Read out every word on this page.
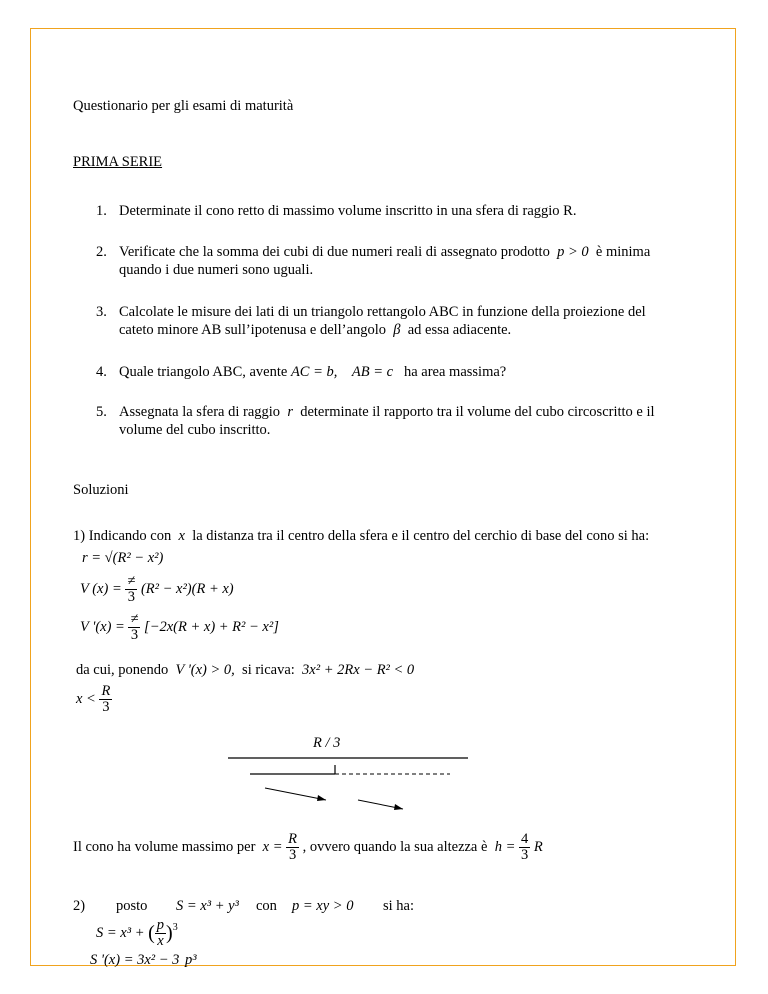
Questionario per gli esami di maturità
PRIMA SERIE
1. Determinate il cono retto di massimo volume inscritto in una sfera di raggio R.
2. Verificate che la somma dei cubi di due numeri reali di assegnato prodotto p > 0 è minima
quando i due numeri sono uguali.
3. Calcolate le misure dei lati di un triangolo rettangolo ABC in funzione della proiezione del
cateto minore AB sull’ipotenusa e dell’angolo β ad essa adiacente.
4. Quale triangolo ABC, avente AC = b, AB = c ha area massima?
5. Assegnata la sfera di raggio r determinate il rapporto tra il volume del cubo circoscritto e il
volume del cubo inscritto.
Soluzioni
1) Indicando con x la distanza tra il centro della sfera e il centro del cerchio di base del cono si ha:
r = √(R² − x²)
V $(x) = \frac{\ne}{3} (R^2 - x^2)(R + x)$
V '$(x) = \frac{\ne}{3} [-2x(R + x) + R^2 - x^2]$
da cui, ponendo V '(x) > 0, si ricava: 3x² + 2Rx − R² < 0
$x < \frac{R}{3}$
R / 3
Il cono ha volume massimo per $x = \frac{R}{3}$ , ovvero quando la sua altezza è $h = \frac{4}{3}$ R
2) posto S = x³ + y³ con p = xy > 0 si ha:
S = x³ + ( $\frac{p}{x} )^3$
S '(x) = 3x² − 3 p³
